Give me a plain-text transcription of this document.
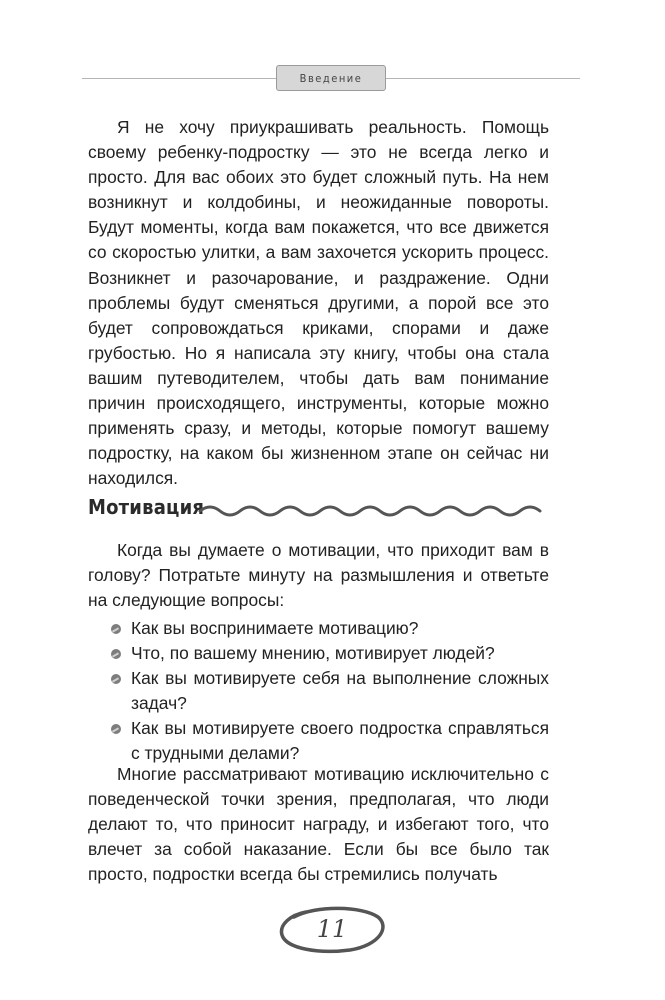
Введение

Я не хочу приукрашивать реальность. Помощь своему ребенку-подростку — это не всегда легко и просто. Для вас обоих это будет сложный путь. На нем возникнут и колдобины, и неожиданные повороты. Будут моменты, когда вам покажется, что все движется со скоростью улитки, а вам захочется ускорить процесс. Возникнет и разочарование, и раздражение. Одни проблемы будут сменяться другими, а порой все это будет сопровождаться криками, спорами и даже грубостью. Но я написала эту книгу, чтобы она стала вашим путеводителем, чтобы дать вам понимание причин происходящего, инструменты, которые можно применять сразу, и методы, которые помогут вашему подростку, на каком бы жизненном этапе он сейчас ни находился.

Мотивация

Когда вы думаете о мотивации, что приходит вам в голову? Потратьте минуту на размышления и ответьте на следующие вопросы:

Как вы воспринимаете мотивацию?
Что, по вашему мнению, мотивирует людей?
Как вы мотивируете себя на выполнение сложных задач?
Как вы мотивируете своего подростка справляться с трудными делами?

Многие рассматривают мотивацию исключительно с поведенческой точки зрения, предполагая, что люди делают то, что приносит награду, и избегают того, что влечет за собой наказание. Если бы все было так просто, подростки всегда бы стремились получать

11
